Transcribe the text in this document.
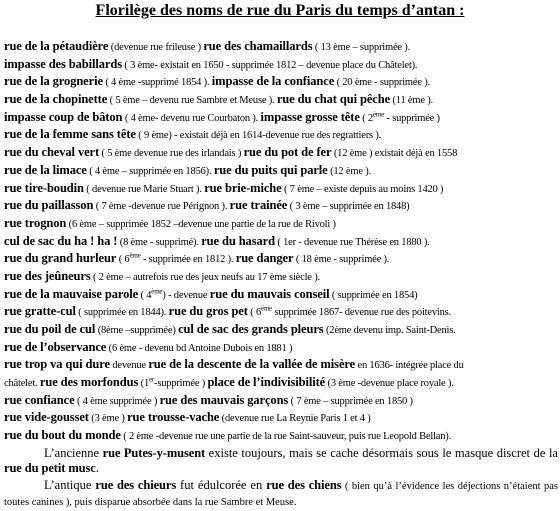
Florilège des noms de rue du Paris du temps d’antan :
rue de la pétaudière (devenue rue frileuse ) rue des chamaillards ( 13 ème – supprimée ).
impasse des babillards ( 3 ème- existait en 1650 - supprimée 1812 – devenue place du Châtelet).
rue de la grognerie ( 4 ème -supprimé 1854 ). impasse de la confiance ( 20 ème - supprimée ).
rue de la chopinette ( 5 ème – devenu rue Sambre et Meuse ). rue du chat qui pêche (11 ème ).
impasse coup de bâton ( 4 ème- devenu rue Courbaton ). impasse grosse tête ( 2ème - supprimée )
rue de la femme sans tête ( 9 ème) - existait déjà en 1614-devenue rue des regrattiers ).
rue du cheval vert ( 5 ème devenue rue des irlandais ) rue du pot de fer (12 ème ) existait déjà en 1558
rue de la limace ( 4 ème – supprimée en 1856). rue du puits qui parle (12 ème ).
rue tire-boudin ( devenue rue Marie Stuart ). rue brie-miche ( 7 ème – existe depuis au moins 1420 )
rue du paillasson ( 7 ème -devenue rue Pérignon ). rue trainée ( 3 ème – supprimée en 1848)
rue trognon (6 ème – supprimée 1852 –devenue une partie de la rue de Rivoli )
cul de sac du ha ! ha ! (8 ème - supprimé). rue du hasard ( 1er - devenue rue Thérèse en 1880 ).
rue du grand hurleur ( 6ème - supprimée en 1812 ). rue danger ( 18 ème - supprimée ).
rue des jeûneurs ( 2 ème – autrefois rue des jeux neufs au 17 ème siècle ).
rue de la mauvaise parole ( 4ème) - devenue rue du mauvais conseil ( supprimée en 1854)
rue gratte-cul ( supprimée en 1844). rue du gros pet ( 6ème supprimée 1867- devenue rue des poitevins.
rue du poil de cul (8ème –supprimée) cul de sac des grands pleurs (2ème devenu imp. Saint-Denis.
rue de l’observance (6 ème - devenu bd Antoine Dubois en 1881 )
rue trop va qui dure devenue rue de la descente de la vallée de misère en 1636- intégrée place du
châtelet. rue des morfondus (1er-supprimée ) place de l’indivisibilité (3 ème -devenue place royale ).
rue confiance ( 4 ème supprimée ) rue des mauvais garçons ( 7 ème – supprimée en 1850 )
rue vide-gousset (3 ème ) rue trousse-vache (devenue rue La Reynie Paris 1 et 4 )
rue du bout du monde ( 2 ème -devenue rue une partie de la rue Saint-sauveur, puis rue Leopold Bellan).
L’ancienne rue Putes-y-musent existe toujours, mais se cache désormais sous le masque discret de la rue du petit musc.
L’antique rue des chieurs fut édulcorée en rue des chiens ( bien qu’à l’évidence les déjections n’étaient pas toutes canines ), puis disparue absorbée dans la rue Sambre et Meuse.
